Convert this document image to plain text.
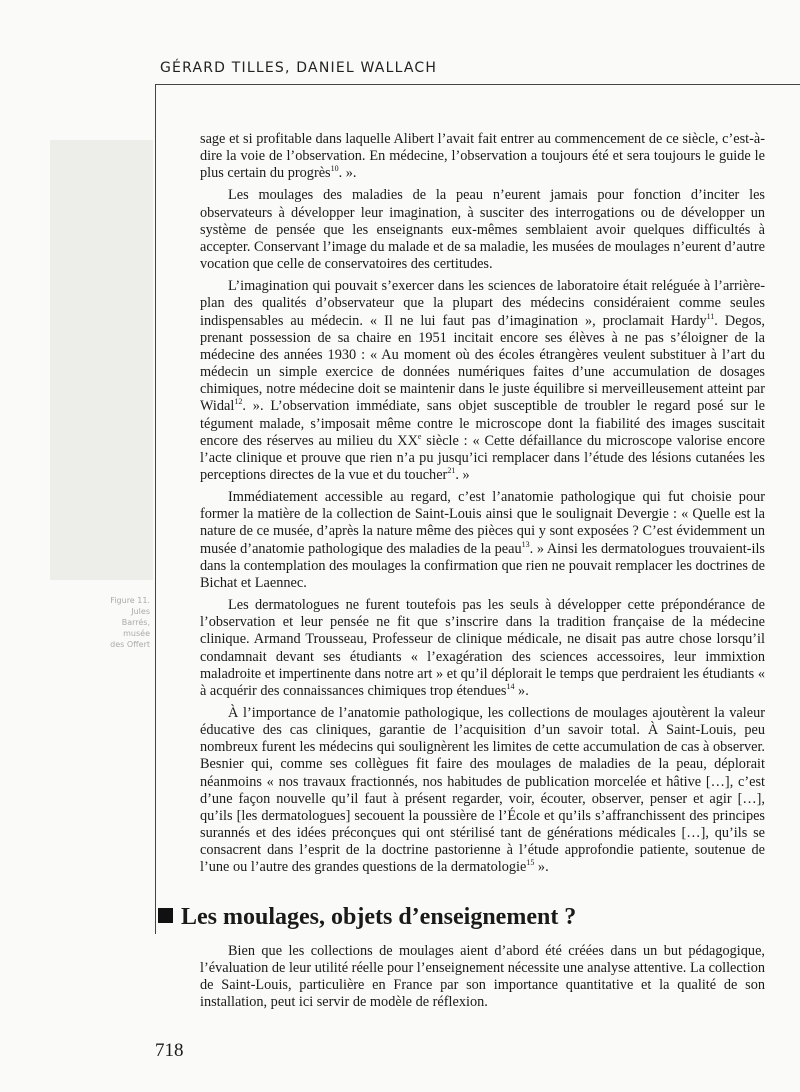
GÉRARD TILLES, DANIEL WALLACH
Figure 11. Jules
Barrés, musée
des Offert

sage et si profitable dans laquelle Alibert l’avait fait entrer au commencement de ce siècle, c’est-à-dire la voie de l’observation. En médecine, l’observation a toujours été et sera toujours le guide le plus certain du progrès$^{10}$. ».

Les moulages des maladies de la peau n’eurent jamais pour fonction d’inciter les observateurs à développer leur imagination, à susciter des interrogations ou de développer un système de pensée que les enseignants eux-mêmes semblaient avoir quelques difficultés à accepter. Conservant l’image du malade et de sa maladie, les musées de moulages n’eurent d’autre vocation que celle de conservatoires des certitudes.

L’imagination qui pouvait s’exercer dans les sciences de laboratoire était reléguée à l’arrière-plan des qualités d’observateur que la plupart des médecins considéraient comme seules indispensables au médecin. « Il ne lui faut pas d’imagination », proclamait Hardy$^{11}$. Degos, prenant possession de sa chaire en 1951 incitait encore ses élèves à ne pas s’éloigner de la médecine des années 1930 : « Au moment où des écoles étrangères veulent substituer à l’art du médecin un simple exercice de données numériques faites d’une accumulation de dosages chimiques, notre médecine doit se maintenir dans le juste équilibre si merveilleusement atteint par Widal$^{12}$. ». L’observation immédiate, sans objet susceptible de troubler le regard posé sur le tégument malade, s’imposait même contre le microscope dont la fiabilité des images suscitait encore des réserves au milieu du XXe siècle : « Cette défaillance du microscope valorise encore l’acte clinique et prouve que rien n’a pu jusqu’ici remplacer dans l’étude des lésions cutanées les perceptions directes de la vue et du toucher$^{21}$. »

Immédiatement accessible au regard, c’est l’anatomie pathologique qui fut choisie pour former la matière de la collection de Saint-Louis ainsi que le soulignait Devergie : « Quelle est la nature de ce musée, d’après la nature même des pièces qui y sont exposées ? C’est évidemment un musée d’anatomie pathologique des maladies de la peau$^{13}$. » Ainsi les dermatologues trouvaient-ils dans la contemplation des moulages la confirmation que rien ne pouvait remplacer les doctrines de Bichat et Laennec.

Les dermatologues ne furent toutefois pas les seuls à développer cette prépondérance de l’observation et leur pensée ne fit que s’inscrire dans la tradition française de la médecine clinique. Armand Trousseau, Professeur de clinique médicale, ne disait pas autre chose lorsqu’il condamnait devant ses étudiants « l’exagération des sciences accessoires, leur immixtion maladroite et impertinente dans notre art » et qu’il déplorait le temps que perdraient les étudiants « à acquérir des connaissances chimiques trop étendues$^{14}$ ».

À l’importance de l’anatomie pathologique, les collections de moulages ajoutèrent la valeur éducative des cas cliniques, garantie de l’acquisition d’un savoir total. À Saint-Louis, peu nombreux furent les médecins qui soulignèrent les limites de cette accumulation de cas à observer. Besnier qui, comme ses collègues fit faire des moulages de maladies de la peau, déplorait néanmoins « nos travaux fractionnés, nos habitudes de publication morcelée et hâtive […], c’est d’une façon nouvelle qu’il faut à présent regarder, voir, écouter, observer, penser et agir […], qu’ils [les dermatologues] secouent la poussière de l’École et qu’ils s’affranchissent des principes surannés et des idées préconçues qui ont stérilisé tant de générations médicales […], qu’ils se consacrent dans l’esprit de la doctrine pastorienne à l’étude approfondie patiente, soutenue de l’une ou l’autre des grandes questions de la dermatologie$^{15}$ ».

Les moulages, objets d’enseignement ?

Bien que les collections de moulages aient d’abord été créées dans un but pédagogique, l’évaluation de leur utilité réelle pour l’enseignement nécessite une analyse attentive. La collection de Saint-Louis, particulière en France par son importance quantitative et la qualité de son installation, peut ici servir de modèle de réflexion.

718
